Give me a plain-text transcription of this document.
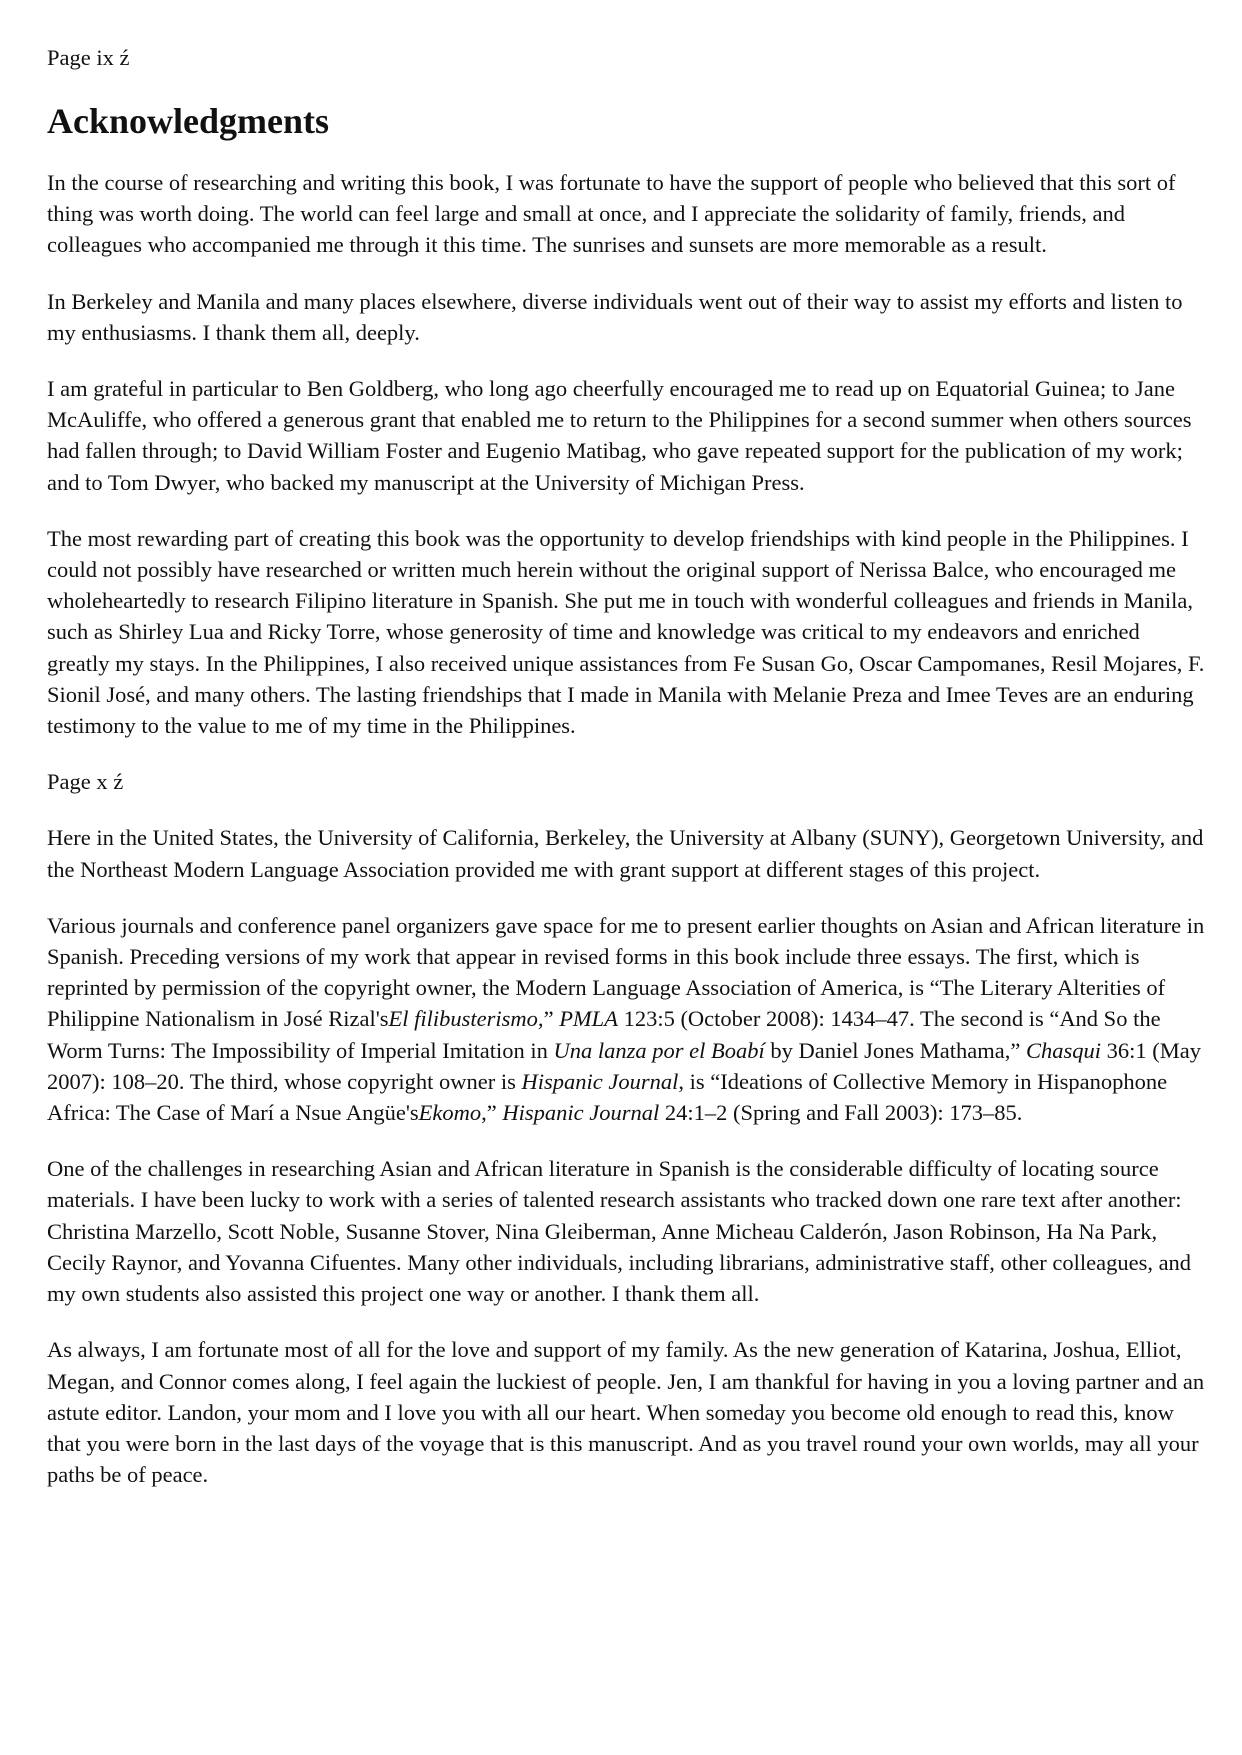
Page ix ź
Acknowledgments

In the course of researching and writing this book, I was fortunate to have the support of people who believed that this sort of thing was worth doing. The world can feel large and small at once, and I appreciate the solidarity of family, friends, and colleagues who accompanied me through it this time. The sunrises and sunsets are more memorable as a result.

In Berkeley and Manila and many places elsewhere, diverse individuals went out of their way to assist my efforts and listen to my enthusiasms. I thank them all, deeply.

I am grateful in particular to Ben Goldberg, who long ago cheerfully encouraged me to read up on Equatorial Guinea; to Jane McAuliffe, who offered a generous grant that enabled me to return to the Philippines for a second summer when others sources had fallen through; to David William Foster and Eugenio Matibag, who gave repeated support for the publication of my work; and to Tom Dwyer, who backed my manuscript at the University of Michigan Press.

The most rewarding part of creating this book was the opportunity to develop friendships with kind people in the Philippines. I could not possibly have researched or written much herein without the original support of Nerissa Balce, who encouraged me wholeheartedly to research Filipino literature in Spanish. She put me in touch with wonderful colleagues and friends in Manila, such as Shirley Lua and Ricky Torre, whose generosity of time and knowledge was critical to my endeavors and enriched greatly my stays. In the Philippines, I also received unique assistances from Fe Susan Go, Oscar Campomanes, Resil Mojares, F. Sionil José, and many others. The lasting friendships that I made in Manila with Melanie Preza and Imee Teves are an enduring testimony to the value to me of my time in the Philippines.

Page x ź

Here in the United States, the University of California, Berkeley, the University at Albany (SUNY), Georgetown University, and the Northeast Modern Language Association provided me with grant support at different stages of this project.

Various journals and conference panel organizers gave space for me to present earlier thoughts on Asian and African literature in Spanish. Preceding versions of my work that appear in revised forms in this book include three essays. The first, which is reprinted by permission of the copyright owner, the Modern Language Association of America, is “The Literary Alterities of Philippine Nationalism in José Rizal'sEl filibusterismo,” PMLA 123:5 (October 2008): 1434–47. The second is “And So the Worm Turns: The Impossibility of Imperial Imitation in Una lanza por el Boabí by Daniel Jones Mathama,” Chasqui 36:1 (May 2007): 108–20. The third, whose copyright owner is Hispanic Journal, is “Ideations of Collective Memory in Hispanophone Africa: The Case of Marí a Nsue Angüe'sEkomo,” Hispanic Journal 24:1–2 (Spring and Fall 2003): 173–85.

One of the challenges in researching Asian and African literature in Spanish is the considerable difficulty of locating source materials. I have been lucky to work with a series of talented research assistants who tracked down one rare text after another: Christina Marzello, Scott Noble, Susanne Stover, Nina Gleiberman, Anne Micheau Calderón, Jason Robinson, Ha Na Park, Cecily Raynor, and Yovanna Cifuentes. Many other individuals, including librarians, administrative staff, other colleagues, and my own students also assisted this project one way or another. I thank them all.

As always, I am fortunate most of all for the love and support of my family. As the new generation of Katarina, Joshua, Elliot, Megan, and Connor comes along, I feel again the luckiest of people. Jen, I am thankful for having in you a loving partner and an astute editor. Landon, your mom and I love you with all our heart. When someday you become old enough to read this, know that you were born in the last days of the voyage that is this manuscript. And as you travel round your own worlds, may all your paths be of peace.
